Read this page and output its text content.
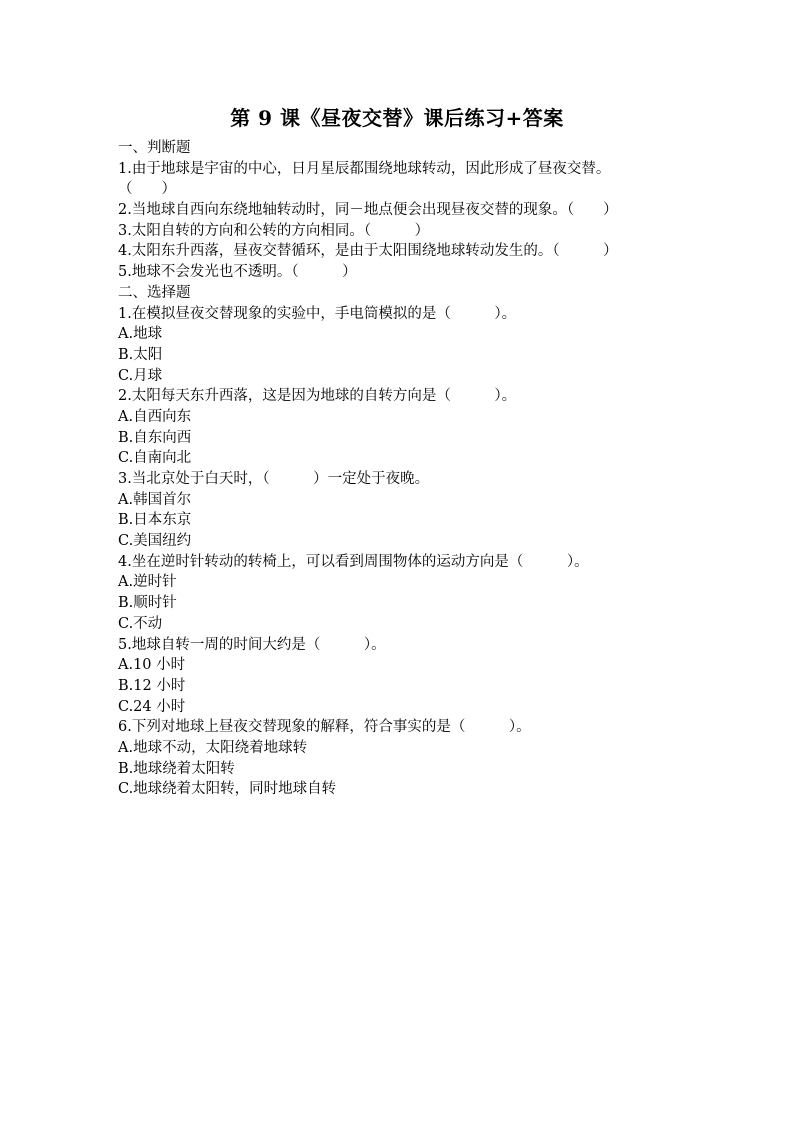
第 9 课《昼夜交替》课后练习+答案
一、判断题
1.由于地球是宇宙的中心，日月星辰都围绕地球转动，因此形成了昼夜交替。
（　　）
2.当地球自西向东绕地轴转动时，同－地点便会出现昼夜交替的现象。（　　）
3.太阳自转的方向和公转的方向相同。（　　　）
4.太阳东升西落，昼夜交替循环，是由于太阳围绕地球转动发生的。（　　　）
5.地球不会发光也不透明。（　　　）
二、选择题
1.在模拟昼夜交替现象的实验中，手电筒模拟的是（　　　）。
A.地球
B.太阳
C.月球
2.太阳每天东升西落，这是因为地球的自转方向是（　　　）。
A.自西向东
B.自东向西
C.自南向北
3.当北京处于白天时，（　　　）一定处于夜晚。
A.韩国首尔
B.日本东京
C.美国纽约
4.坐在逆时针转动的转椅上，可以看到周围物体的运动方向是（　　　）。
A.逆时针
B.顺时针
C.不动
5.地球自转一周的时间大约是（　　　）。
A.10 小时
B.12 小时
C.24 小时
6.下列对地球上昼夜交替现象的解释，符合事实的是（　　　）。
A.地球不动，太阳绕着地球转
B.地球绕着太阳转
C.地球绕着太阳转，同时地球自转
